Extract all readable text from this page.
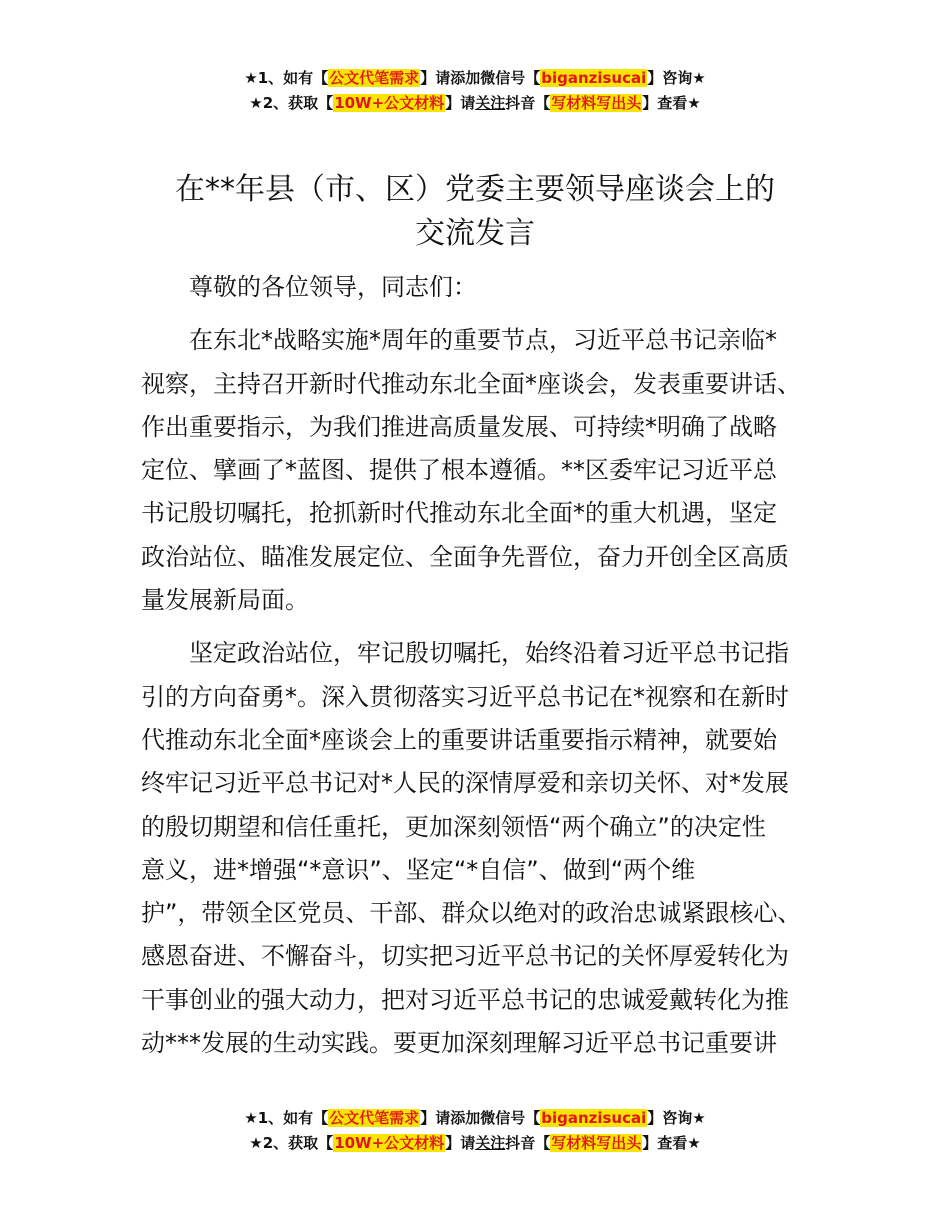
★1、如有【公文代笔需求】请添加微信号【biganzisucai】咨询★
★2、获取【10W+公文材料】请关注抖音【写材料写出头】查看★
在**年县（市、区）党委主要领导座谈会上的
交流发言
尊敬的各位领导，同志们：
在东北*战略实施*周年的重要节点，习近平总书记亲临*
视察，主持召开新时代推动东北全面*座谈会，发表重要讲话、
作出重要指示，为我们推进高质量发展、可持续*明确了战略
定位、擘画了*蓝图、提供了根本遵循。**区委牢记习近平总
书记殷切嘱托，抢抓新时代推动东北全面*的重大机遇，坚定
政治站位、瞄准发展定位、全面争先晋位，奋力开创全区高质
量发展新局面。
坚定政治站位，牢记殷切嘱托，始终沿着习近平总书记指
引的方向奋勇*。深入贯彻落实习近平总书记在*视察和在新时
代推动东北全面*座谈会上的重要讲话重要指示精神，就要始
终牢记习近平总书记对*人民的深情厚爱和亲切关怀、对*发展
的殷切期望和信任重托，更加深刻领悟“两个确立”的决定性
意义，进*增强“*意识”、坚定“*自信”、做到“两个维
护”，带领全区党员、干部、群众以绝对的政治忠诚紧跟核心、
感恩奋进、不懈奋斗，切实把习近平总书记的关怀厚爱转化为
干事创业的强大动力，把对习近平总书记的忠诚爱戴转化为推
动***发展的生动实践。要更加深刻理解习近平总书记重要讲
★1、如有【公文代笔需求】请添加微信号【biganzisucai】咨询★
★2、获取【10W+公文材料】请关注抖音【写材料写出头】查看★
